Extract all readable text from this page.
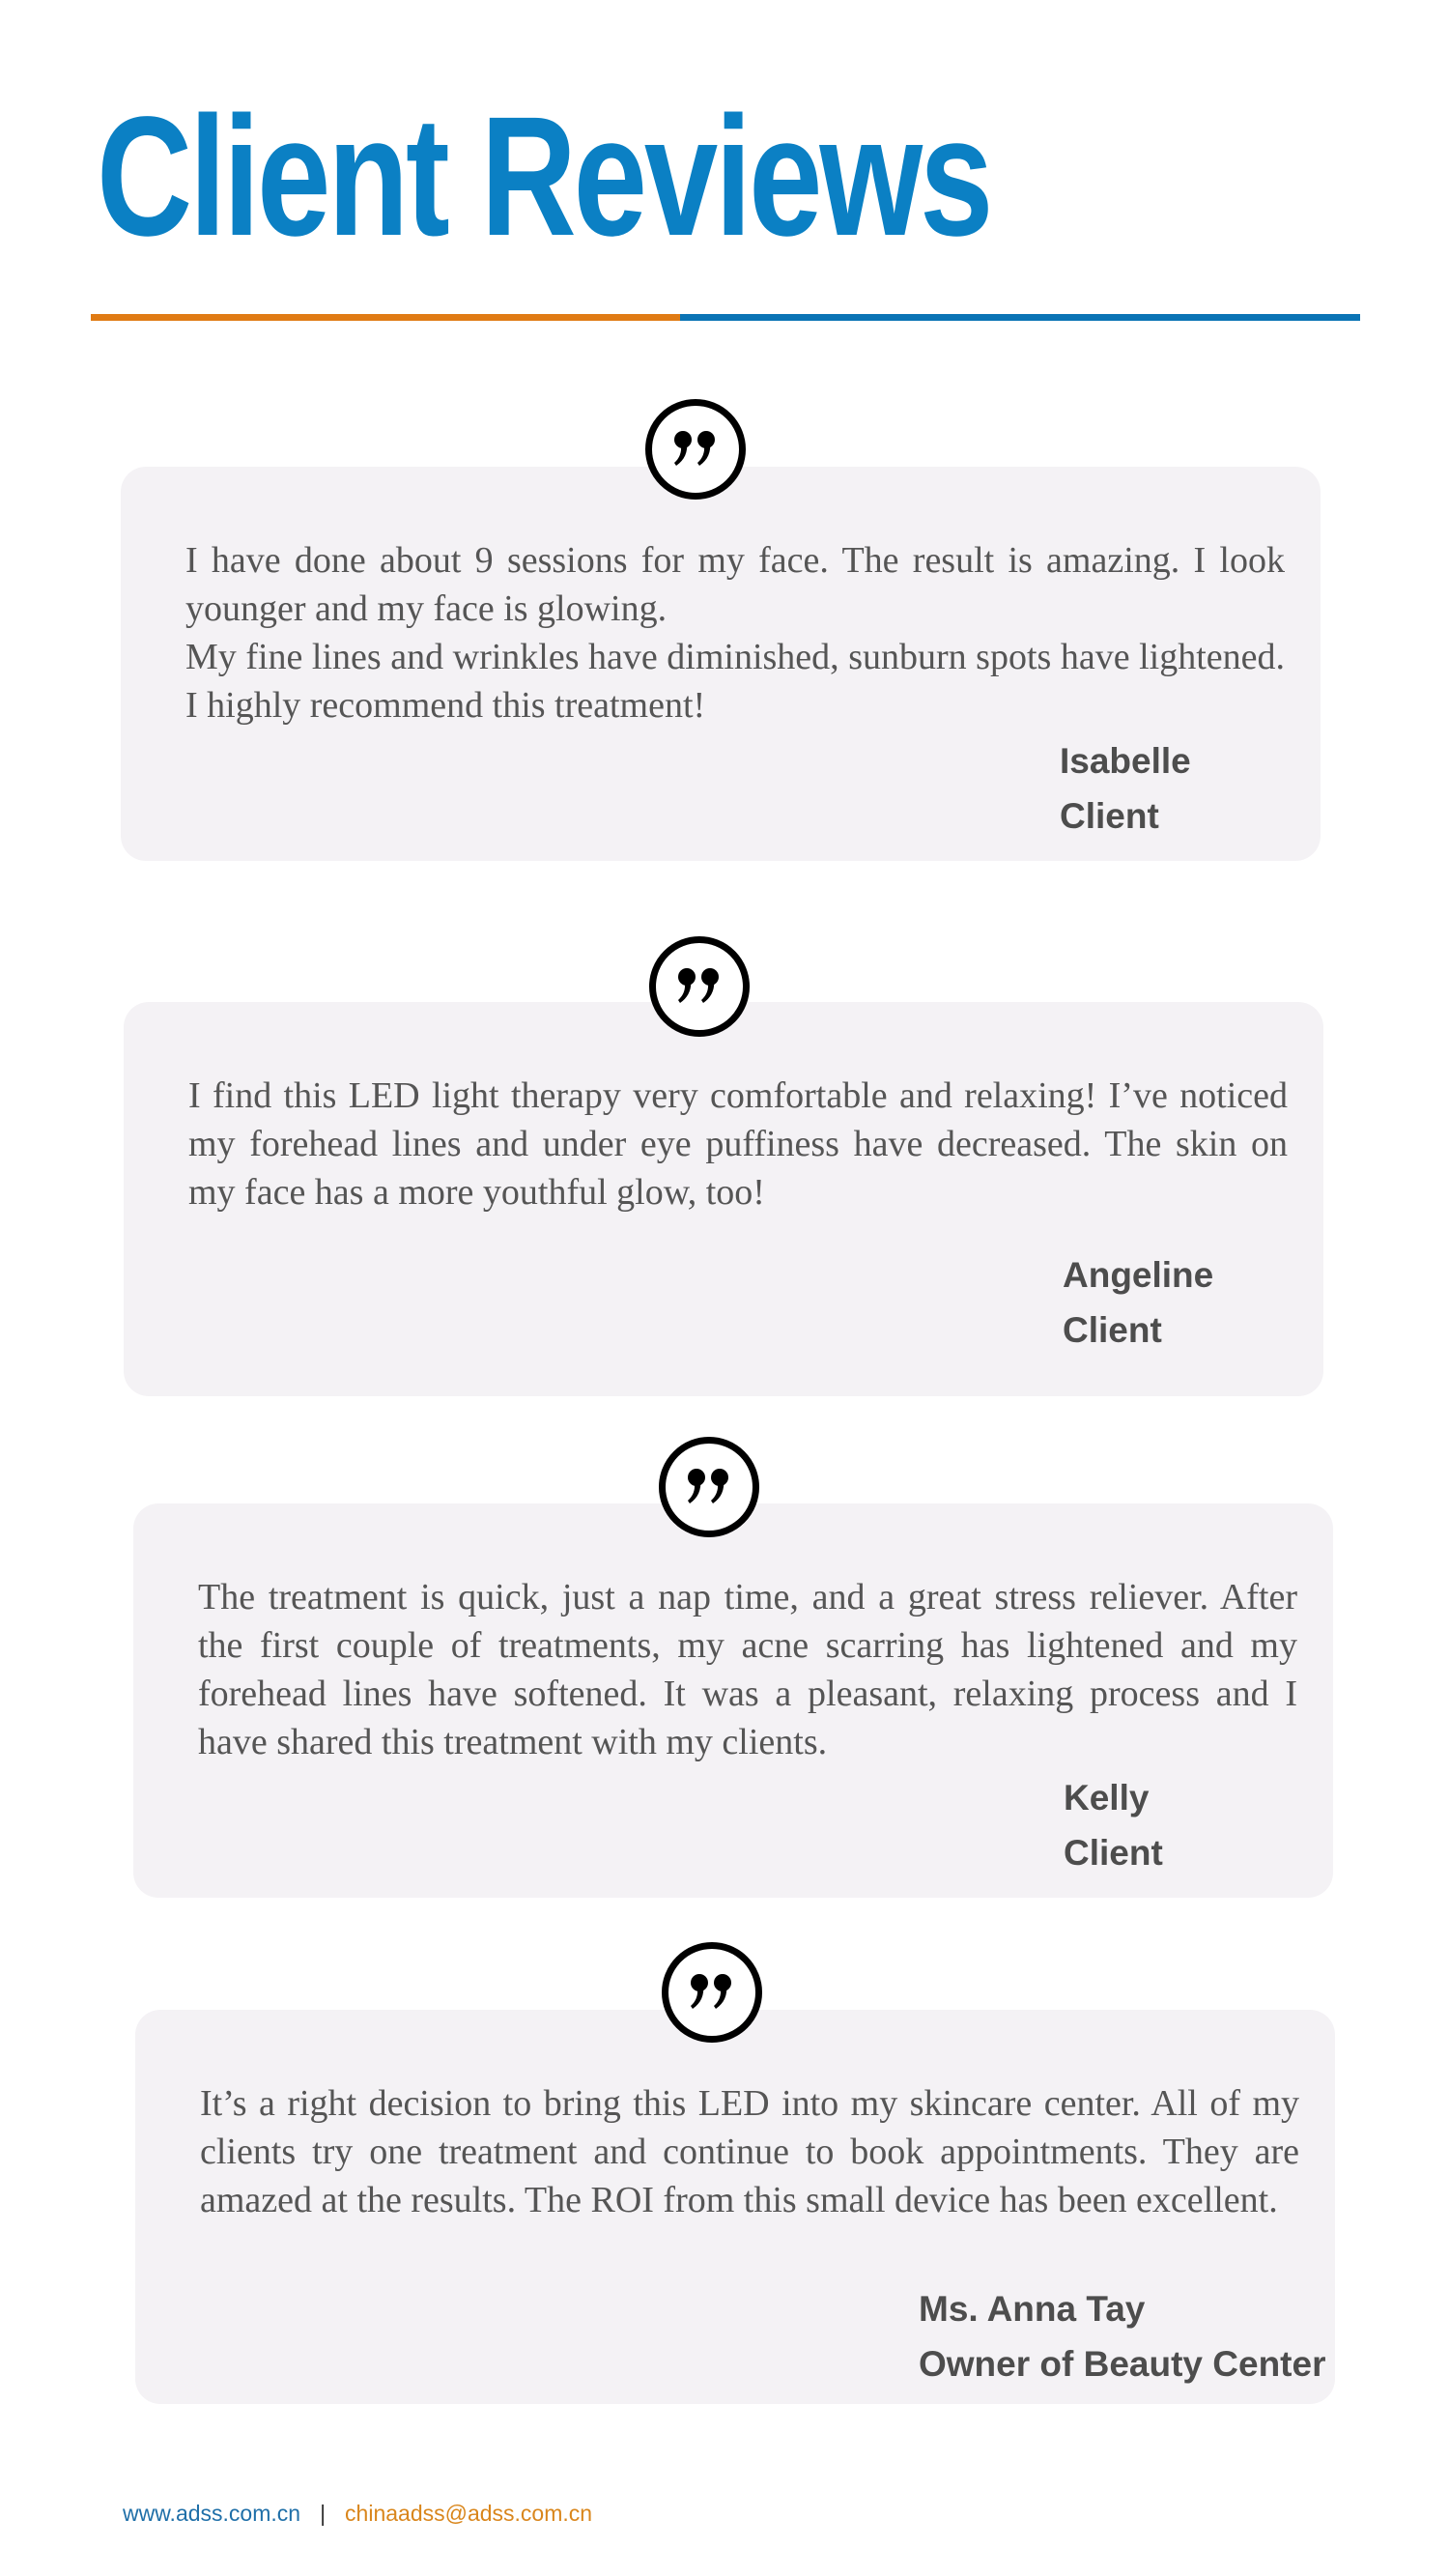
Client Reviews

I have done about 9 sessions for my face. The result is amazing. I look younger and my face is glowing.
My fine lines and wrinkles have diminished, sunburn spots have lightened. I highly recommend this treatment!

Isabelle

Client

I find this LED light therapy very comfortable and relaxing! I’ve noticed my forehead lines and under eye puffiness have decreased. The skin on my face has a more youthful glow, too!

Angeline

Client

The treatment is quick, just a nap time, and a great stress reliever. After the first couple of treatments, my acne scarring has lightened and my forehead lines have softened. It was a pleasant, relaxing process and I have shared this treatment with my clients.

Kelly

Client

It’s a right decision to bring this LED into my skincare center. All of my clients try one treatment and continue to book appointments. They are amazed at the results. The ROI from this small device has been excellent.

Ms. Anna Tay

Owner of Beauty Center

www.adss.com.cn | chinaadss@adss.com.cn
